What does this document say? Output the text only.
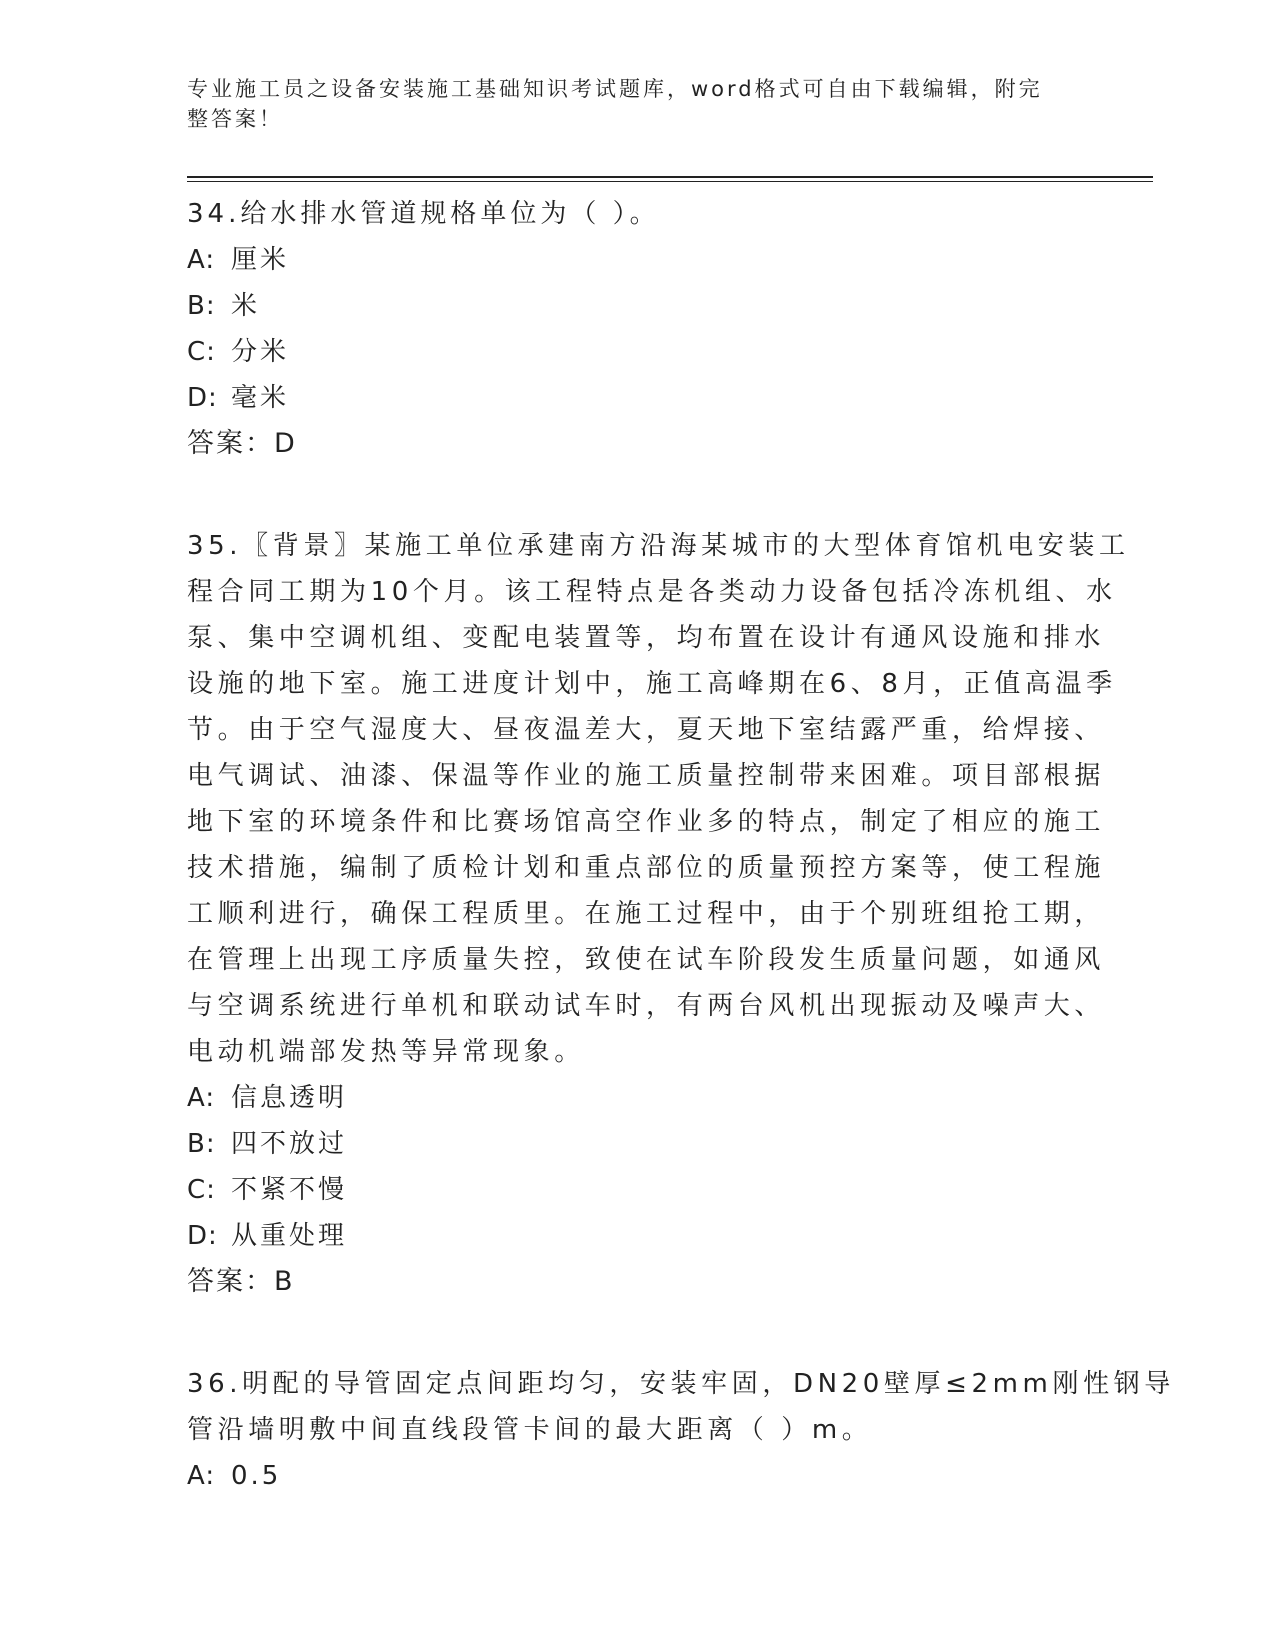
专业施工员之设备安装施工基础知识考试题库，word格式可自由下载编辑，附完
整答案！
34.给水排水管道规格单位为（ ）。
A: 厘米
B: 米
C: 分米
D: 毫米
答案：D
35.〖背景〗某施工单位承建南方沿海某城市的大型体育馆机电安装工
程合同工期为10个月。该工程特点是各类动力设备包括冷冻机组、水
泵、集中空调机组、变配电装置等，均布置在设计有通风设施和排水
设施的地下室。施工进度计划中，施工高峰期在6、8月，正值高温季
节。由于空气湿度大、昼夜温差大，夏天地下室结露严重，给焊接、
电气调试、油漆、保温等作业的施工质量控制带来困难。项目部根据
地下室的环境条件和比赛场馆高空作业多的特点，制定了相应的施工
技术措施，编制了质检计划和重点部位的质量预控方案等，使工程施
工顺利进行，确保工程质里。在施工过程中，由于个别班组抢工期，
在管理上出现工序质量失控，致使在试车阶段发生质量问题，如通风
与空调系统进行单机和联动试车时，有两台风机出现振动及噪声大、
电动机端部发热等异常现象。
A: 信息透明
B: 四不放过
C: 不紧不慢
D: 从重处理
答案：B
36.明配的导管固定点间距均匀，安装牢固，DN20壁厚≤2mm刚性钢导
管沿墙明敷中间直线段管卡间的最大距离（ ）m。
A: 0.5
